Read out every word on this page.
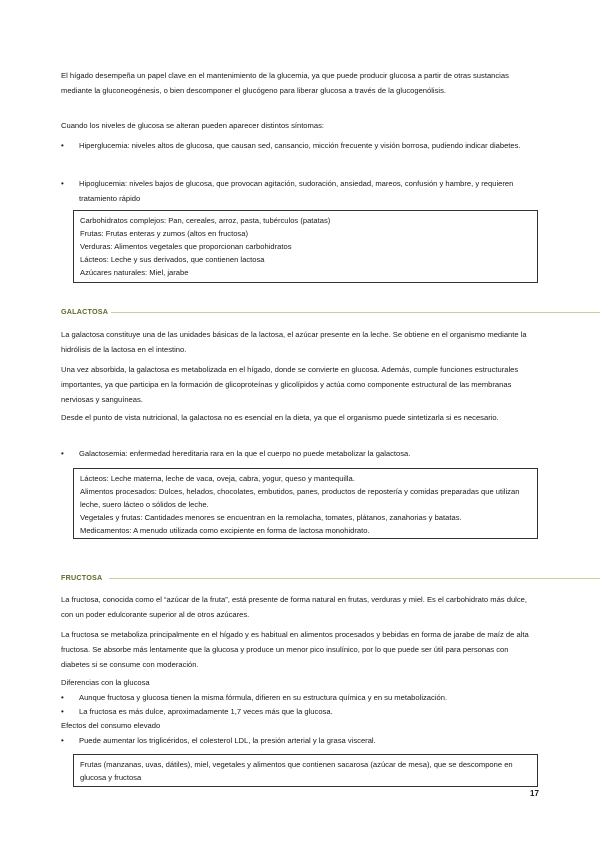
El hígado desempeña un papel clave en el mantenimiento de la glucemia, ya que puede producir glucosa a partir de otras sustancias mediante la gluconeogénesis, o bien descomponer el glucógeno para liberar glucosa a través de la glucogenólisis.

Cuando los niveles de glucosa se alteran pueden aparecer distintos síntomas:

• Hiperglucemia: niveles altos de glucosa, que causan sed, cansancio, micción frecuente y visión borrosa, pudiendo indicar diabetes.
• Hipoglucemia: niveles bajos de glucosa, que provocan agitación, sudoración, ansiedad, mareos, confusión y hambre, y requieren tratamiento rápido
Carbohidratos complejos: Pan, cereales, arroz, pasta, tubérculos (patatas)
Frutas: Frutas enteras y zumos (altos en fructosa)
Verduras: Alimentos vegetales que proporcionan carbohidratos
Lácteos: Leche y sus derivados, que contienen lactosa
Azúcares naturales: Miel, jarabe
GALACTOSA

La galactosa constituye una de las unidades básicas de la lactosa, el azúcar presente en la leche. Se obtiene en el organismo mediante la hidrólisis de la lactosa en el intestino.

Una vez absorbida, la galactosa es metabolizada en el hígado, donde se convierte en glucosa. Además, cumple funciones estructurales importantes, ya que participa en la formación de glicoproteínas y glicolípidos y actúa como componente estructural de las membranas nerviosas y sanguíneas.

Desde el punto de vista nutricional, la galactosa no es esencial en la dieta, ya que el organismo puede sintetizarla si es necesario.

• Galactosemia: enfermedad hereditaria rara en la que el cuerpo no puede metabolizar la galactosa.
Lácteos: Leche materna, leche de vaca, oveja, cabra, yogur, queso y mantequilla.
Alimentos procesados: Dulces, helados, chocolates, embutidos, panes, productos de repostería y comidas preparadas que utilizan leche, suero lácteo o sólidos de leche.
Vegetales y frutas: Cantidades menores se encuentran en la remolacha, tomates, plátanos, zanahorias y batatas.
Medicamentos: A menudo utilizada como excipiente en forma de lactosa monohidrato.
FRUCTOSA

La fructosa, conocida como el “azúcar de la fruta”, está presente de forma natural en frutas, verduras y miel. Es el carbohidrato más dulce, con un poder edulcorante superior al de otros azúcares.

La fructosa se metaboliza principalmente en el hígado y es habitual en alimentos procesados y bebidas en forma de jarabe de maíz de alta fructosa. Se absorbe más lentamente que la glucosa y produce un menor pico insulínico, por lo que puede ser útil para personas con diabetes si se consume con moderación.

Diferencias con la glucosa

• Aunque fructosa y glucosa tienen la misma fórmula, difieren en su estructura química y en su metabolización.
• La fructosa es más dulce, aproximadamente 1,7 veces más que la glucosa.

Efectos del consumo elevado

• Puede aumentar los triglicéridos, el colesterol LDL, la presión arterial y la grasa visceral.
Frutas (manzanas, uvas, dátiles), miel, vegetales y alimentos que contienen sacarosa (azúcar de mesa), que se descompone en glucosa y fructosa
17
